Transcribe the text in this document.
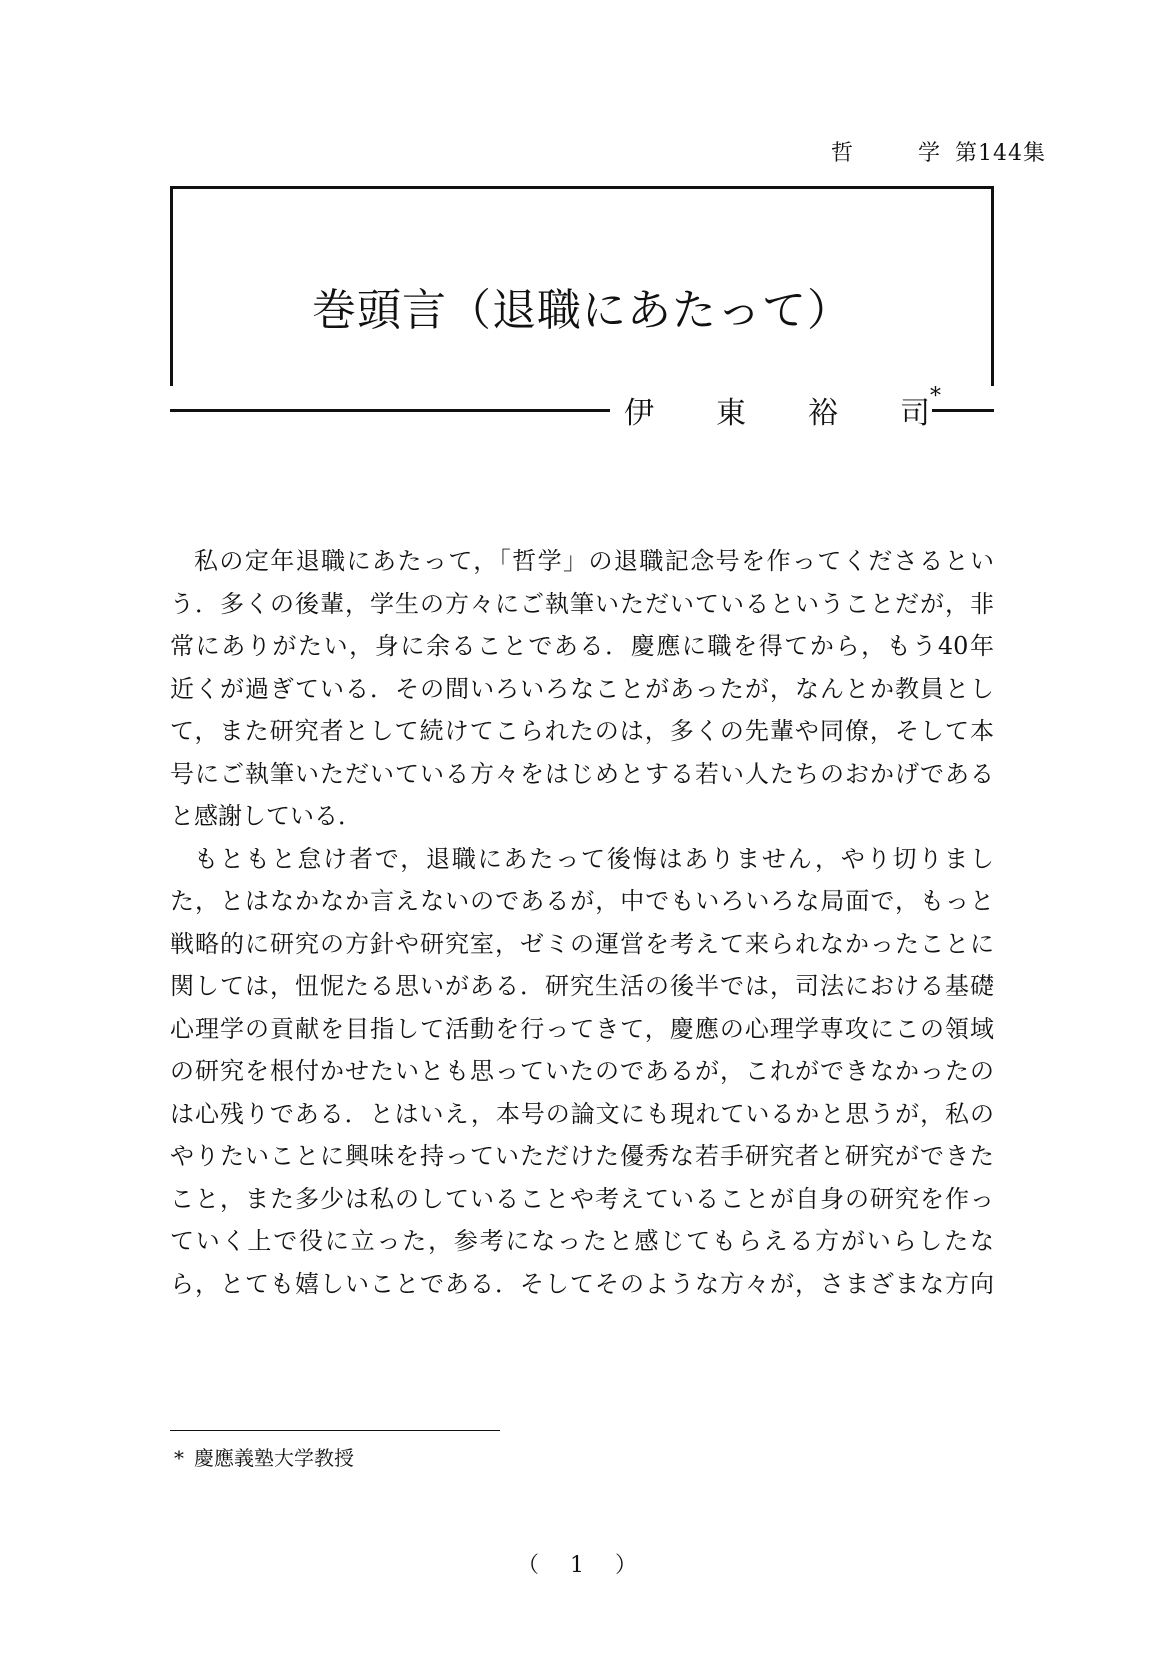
哲	学 第144集
巻頭言（退職にあたって）
伊 東 裕 司*
私の定年退職にあたって，「哲学」の退職記念号を作ってくださるとい
う．多くの後輩，学生の方々にご執筆いただいているということだが，非
常にありがたい，身に余ることである．慶應に職を得てから，もう40年
近くが過ぎている．その間いろいろなことがあったが，なんとか教員とし
て，また研究者として続けてこられたのは，多くの先輩や同僚，そして本
号にご執筆いただいている方々をはじめとする若い人たちのおかげである
と感謝している．
もともと怠け者で，退職にあたって後悔はありません，やり切りまし
た，とはなかなか言えないのであるが，中でもいろいろな局面で，もっと
戦略的に研究の方針や研究室，ゼミの運営を考えて来られなかったことに
関しては，忸怩たる思いがある．研究生活の後半では，司法における基礎
心理学の貢献を目指して活動を行ってきて，慶應の心理学専攻にこの領域
の研究を根付かせたいとも思っていたのであるが，これができなかったの
は心残りである．とはいえ，本号の論文にも現れているかと思うが，私の
やりたいことに興味を持っていただけた優秀な若手研究者と研究ができた
こと，また多少は私のしていることや考えていることが自身の研究を作っ
ていく上で役に立った，参考になったと感じてもらえる方がいらしたな
ら，とても嬉しいことである．そしてそのような方々が，さまざまな方向
* 慶應義塾大学教授
（ 1 ）
